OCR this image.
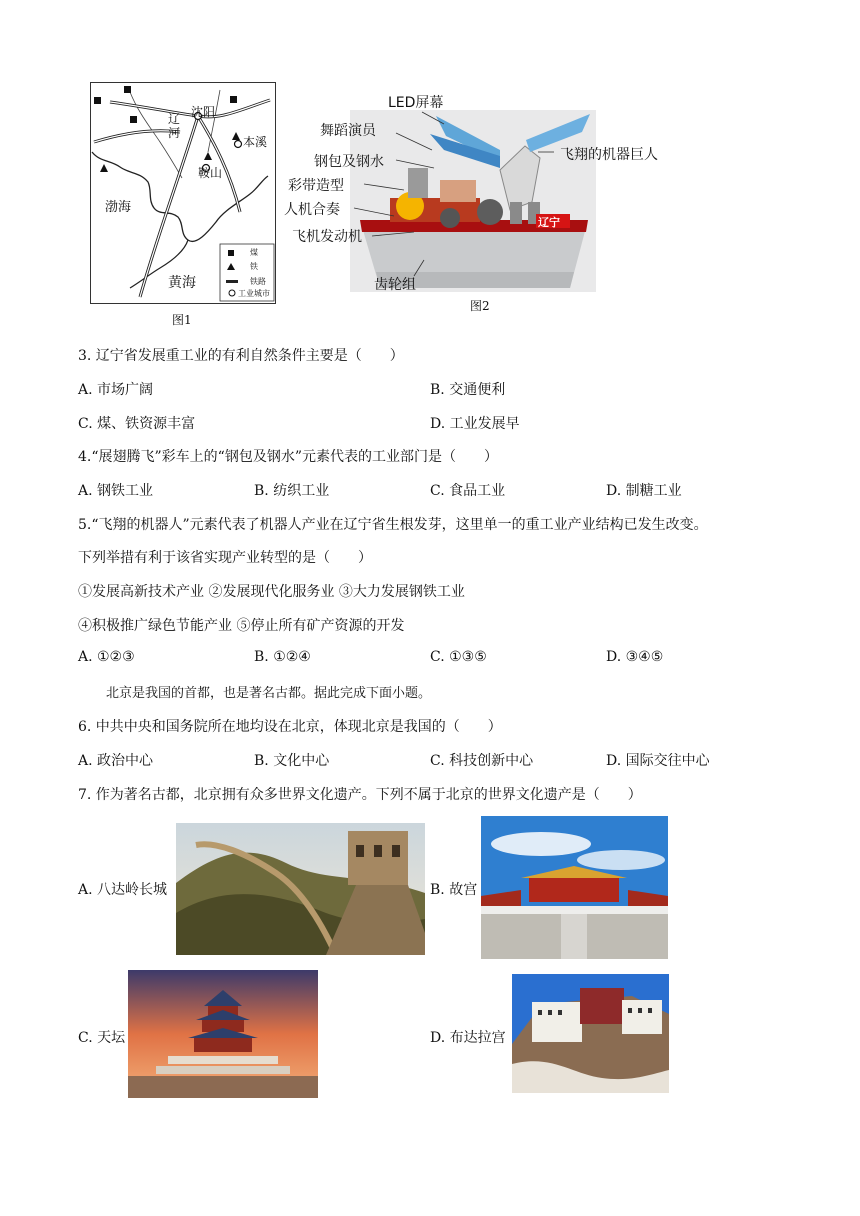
辽
河
沈阳
本溪
鞍山
渤海
黄海
煤
铁
铁路
工业城市
图1
辽宁
LED屏幕
舞蹈演员
钢包及钢水
彩带造型
人机合奏
飞机发动机
齿轮组
飞翔的机器巨人
图2
3. 辽宁省发展重工业的有利自然条件主要是（　　）
A. 市场广阔	B. 交通便利
C. 煤、铁资源丰富	D. 工业发展早
4.“展翅腾飞”彩车上的“钢包及钢水”元素代表的工业部门是（　　）
A. 钢铁工业	B. 纺织工业	C. 食品工业	D. 制糖工业
5.“飞翔的机器人”元素代表了机器人产业在辽宁省生根发芽，这里单一的重工业产业结构已发生改变。
下列举措有利于该省实现产业转型的是（　　）
①发展高新技术产业 ②发展现代化服务业 ③大力发展钢铁工业
④积极推广绿色节能产业 ⑤停止所有矿产资源的开发
A. ①②③	B. ①②④	C. ①③⑤	D. ③④⑤
北京是我国的首都，也是著名古都。据此完成下面小题。
6. 中共中央和国务院所在地均设在北京，体现北京是我国的（　　）
A. 政治中心	B. 文化中心	C. 科技创新中心	D. 国际交往中心
7. 作为著名古都，北京拥有众多世界文化遗产。下列不属于北京的世界文化遗产是（　　）
A. 八达岭长城	B. 故宫
C. 天坛	D. 布达拉宫
